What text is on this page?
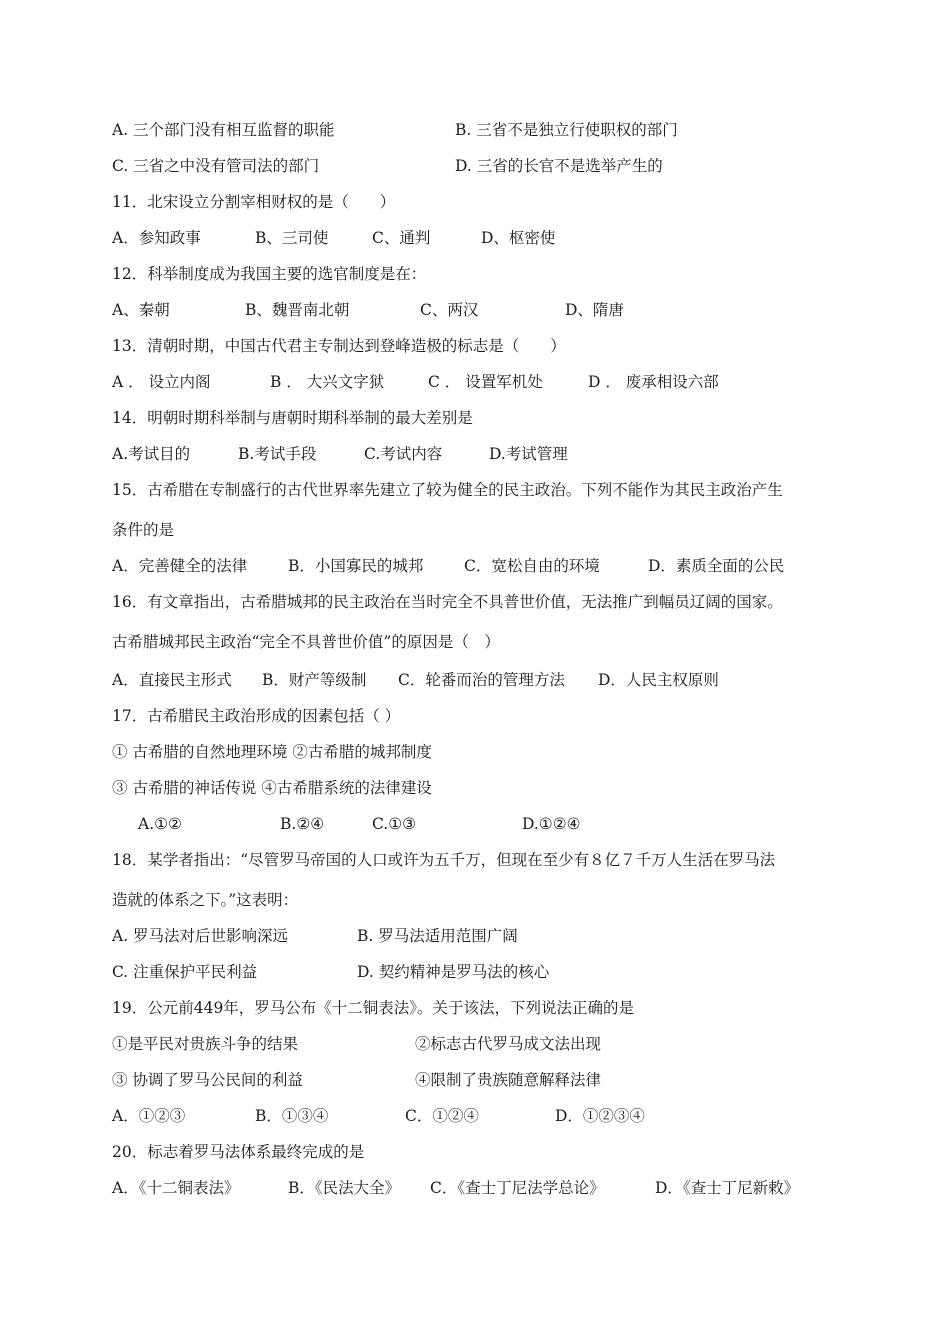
A. 三个部门没有相互监督的职能	B. 三省不是独立行使职权的部门
C. 三省之中没有管司法的部门	D. 三省的长官不是选举产生的
11．北宋设立分割宰相财权的是（　　）
A．参知政事	B、三司使	C、通判	D、枢密使
12．科举制度成为我国主要的选官制度是在：
A、秦朝	B、魏晋南北朝	C、两汉	D、隋唐
13．清朝时期，中国古代君主专制达到登峰造极的标志是（　　）
A ． 设立内阁	B ． 大兴文字狱	C ． 设置军机处	D ． 废承相设六部
14．明朝时期科举制与唐朝时期科举制的最大差别是
A.考试目的	B.考试手段	C.考试内容	D.考试管理
15．古希腊在专制盛行的古代世界率先建立了较为健全的民主政治。下列不能作为其民主政治产生
条件的是
A．完善健全的法律	B．小国寡民的城邦	C．宽松自由的环境	D．素质全面的公民
16．有文章指出，古希腊城邦的民主政治在当时完全不具普世价值，无法推广到幅员辽阔的国家。
古希腊城邦民主政治“完全不具普世价值”的原因是（　）
A．直接民主形式 B．财产等级制 C．轮番而治的管理方法 D．人民主权原则
17．古希腊民主政治形成的因素包括（ ）
① 古希腊的自然地理环境 ②古希腊的城邦制度
③ 古希腊的神话传说 ④古希腊系统的法律建设
A.①②	B.②④	C.①③	D.①②④
18．某学者指出：“尽管罗马帝国的人口或许为五千万，但现在至少有８亿７千万人生活在罗马法
造就的体系之下。”这表明：
A. 罗马法对后世影响深远	B. 罗马法适用范围广阔
C. 注重保护平民利益	D. 契约精神是罗马法的核心
19．公元前449年，罗马公布《十二铜表法》。关于该法，下列说法正确的是
①是平民对贵族斗争的结果	②标志古代罗马成文法出现
③ 协调了罗马公民间的利益	④限制了贵族随意解释法律
A．①②③	B．①③④	C．①②④	D．①②③④
20．标志着罗马法体系最终完成的是
A．《十二铜表法》	B．《民法大全》 C．《查士丁尼法学总论》	D．《查士丁尼新敕》
